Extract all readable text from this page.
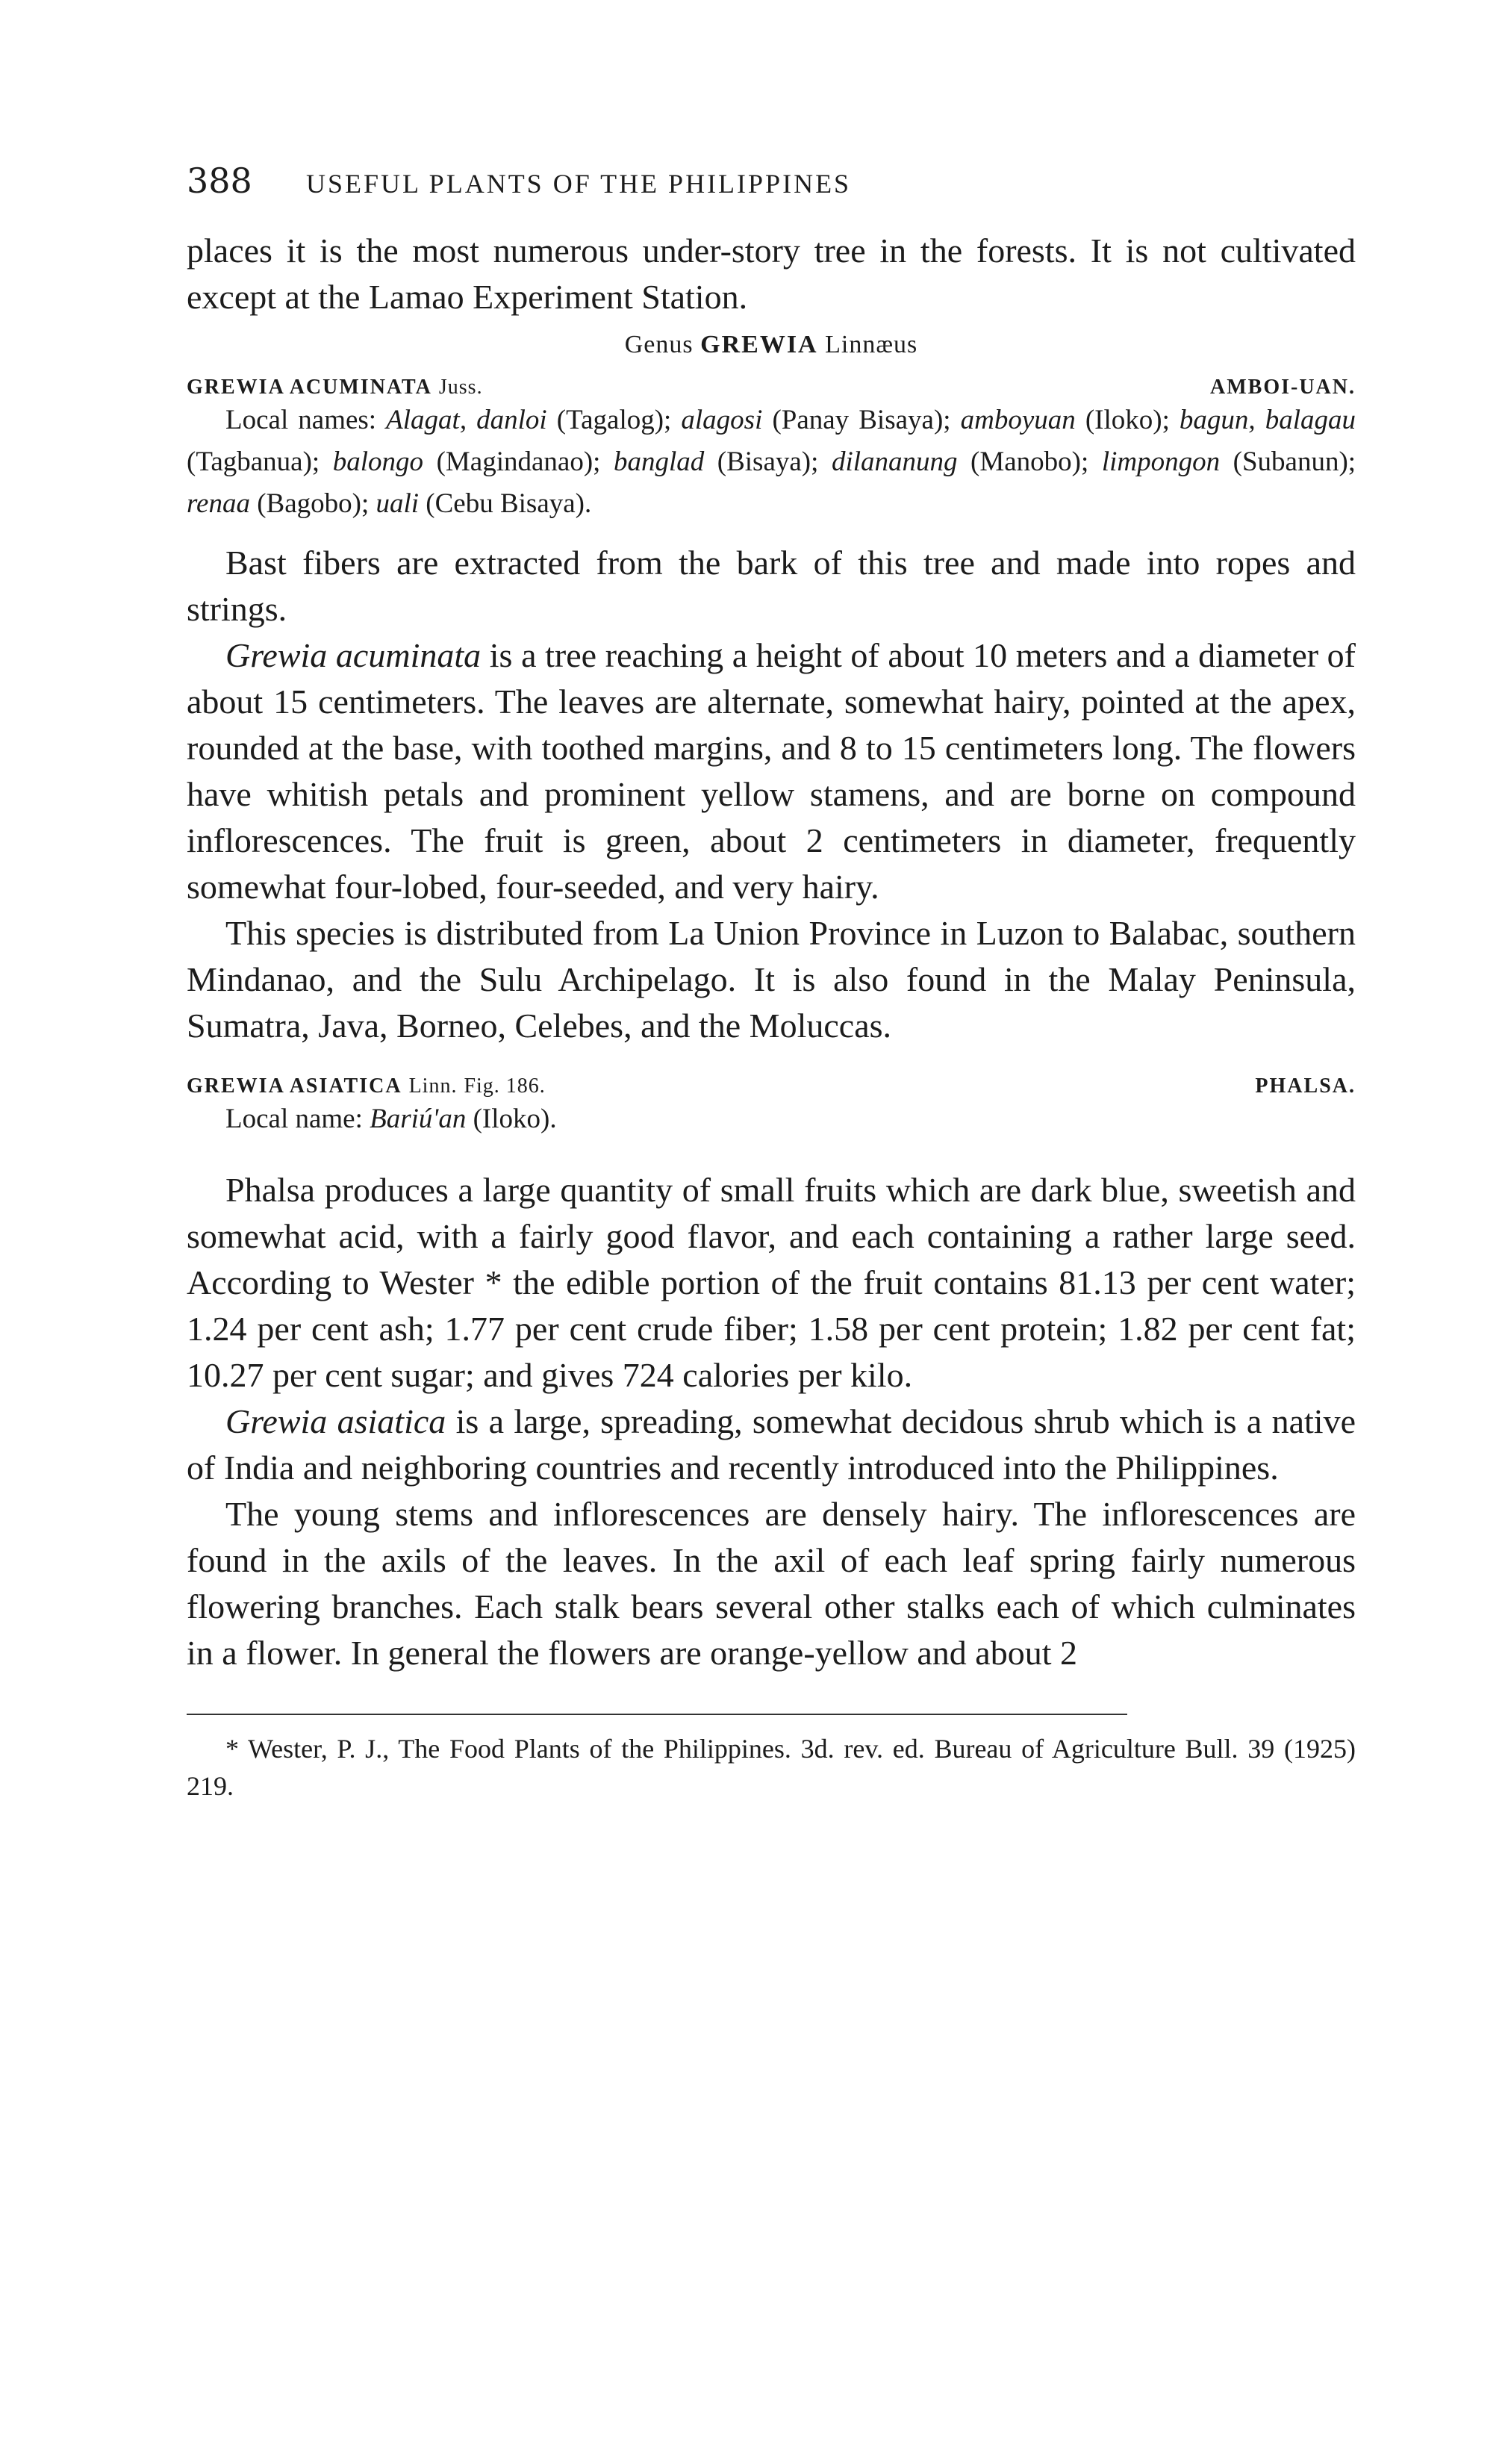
388	USEFUL PLANTS OF THE PHILIPPINES

places it is the most numerous under-story tree in the forests. It is not cultivated except at the Lamao Experiment Station.

Genus GREWIA Linnæus
GREWIA ACUMINATA Juss.	AMBOI-UAN.

Local names: Alagat, danloi (Tagalog); alagosi (Panay Bisaya); amboyuan (Iloko); bagun, balagau (Tagbanua); balongo (Magindanao); banglad (Bisaya); dilananung (Manobo); limpongon (Subanun); renaa (Bagobo); uali (Cebu Bisaya).

Bast fibers are extracted from the bark of this tree and made into ropes and strings.

Grewia acuminata is a tree reaching a height of about 10 meters and a diameter of about 15 centimeters. The leaves are alternate, somewhat hairy, pointed at the apex, rounded at the base, with toothed margins, and 8 to 15 centimeters long. The flowers have whitish petals and prominent yellow stamens, and are borne on compound inflorescences. The fruit is green, about 2 centimeters in diameter, frequently somewhat four-lobed, four-seeded, and very hairy.

This species is distributed from La Union Province in Luzon to Balabac, southern Mindanao, and the Sulu Archipelago. It is also found in the Malay Peninsula, Sumatra, Java, Borneo, Celebes, and the Moluccas.

GREWIA ASIATICA Linn. Fig. 186.	PHALSA.

Local name: Bariú'an (Iloko).

Phalsa produces a large quantity of small fruits which are dark blue, sweetish and somewhat acid, with a fairly good flavor, and each containing a rather large seed. According to Wester * the edible portion of the fruit contains 81.13 per cent water; 1.24 per cent ash; 1.77 per cent crude fiber; 1.58 per cent protein; 1.82 per cent fat; 10.27 per cent sugar; and gives 724 calories per kilo.

Grewia asiatica is a large, spreading, somewhat decidous shrub which is a native of India and neighboring countries and recently introduced into the Philippines.

The young stems and inflorescences are densely hairy. The inflorescences are found in the axils of the leaves. In the axil of each leaf spring fairly numerous flowering branches. Each stalk bears several other stalks each of which culminates in a flower. In general the flowers are orange-yellow and about 2

* Wester, P. J., The Food Plants of the Philippines. 3d. rev. ed. Bureau of Agriculture Bull. 39 (1925) 219.
